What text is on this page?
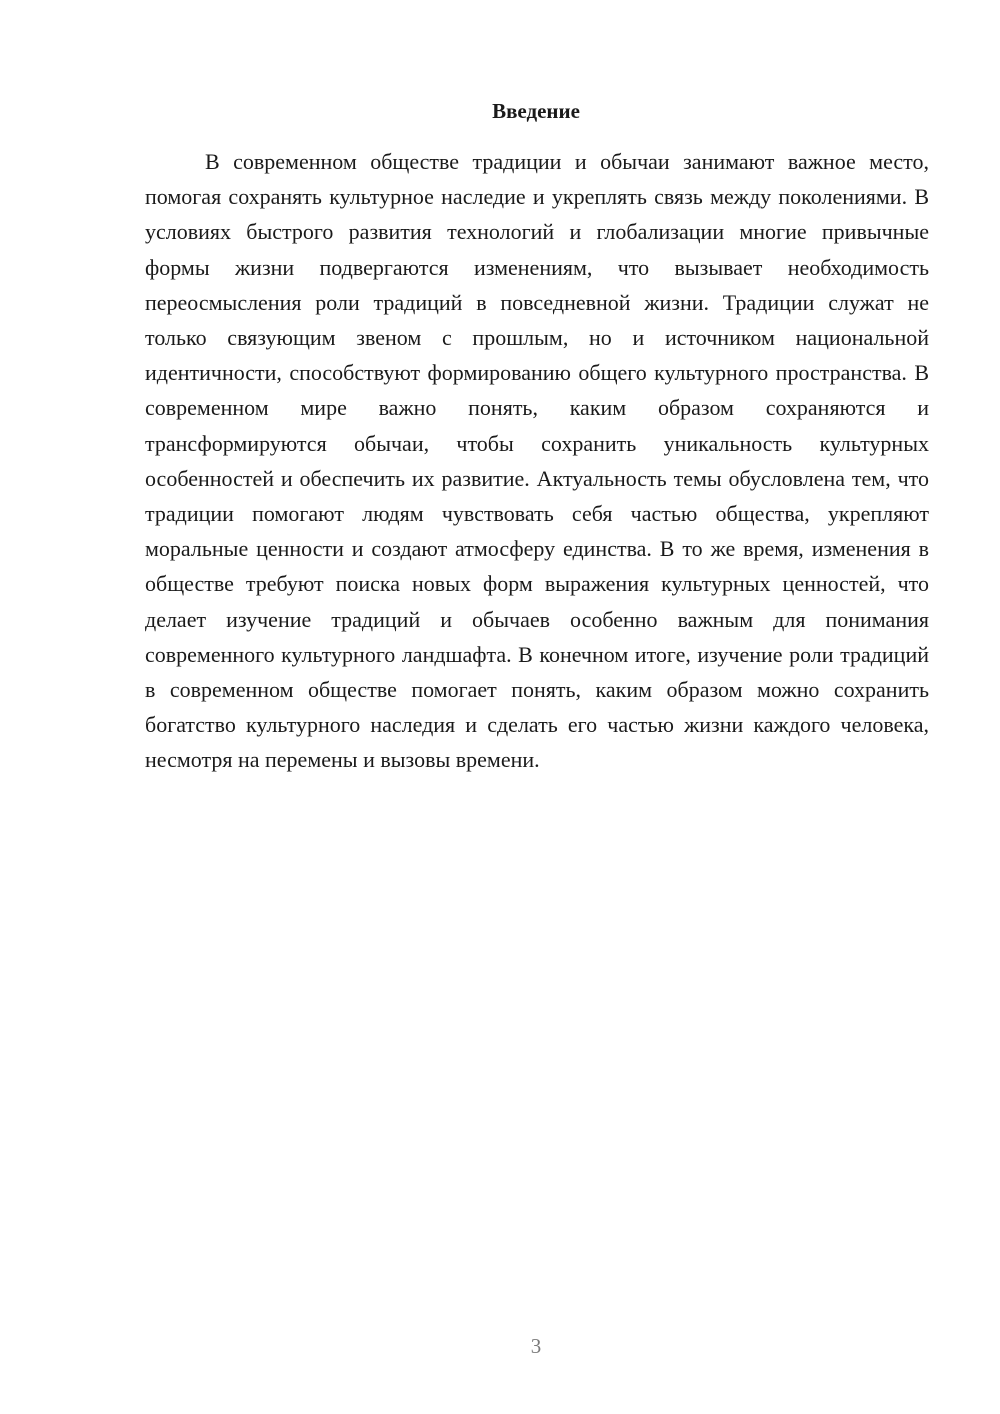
Введение

В современном обществе традиции и обычаи занимают важное место, помогая сохранять культурное наследие и укреплять связь между поколениями. В условиях быстрого развития технологий и глобализации многие привычные формы жизни подвергаются изменениям, что вызывает необходимость переосмысления роли традиций в повседневной жизни. Традиции служат не только связующим звеном с прошлым, но и источником национальной идентичности, способствуют формированию общего культурного пространства. В современном мире важно понять, каким образом сохраняются и трансформируются обычаи, чтобы сохранить уникальность культурных особенностей и обеспечить их развитие. Актуальность темы обусловлена тем, что традиции помогают людям чувствовать себя частью общества, укрепляют моральные ценности и создают атмосферу единства. В то же время, изменения в обществе требуют поиска новых форм выражения культурных ценностей, что делает изучение традиций и обычаев особенно важным для понимания современного культурного ландшафта. В конечном итоге, изучение роли традиций в современном обществе помогает понять, каким образом можно сохранить богатство культурного наследия и сделать его частью жизни каждого человека, несмотря на перемены и вызовы времени.

3
